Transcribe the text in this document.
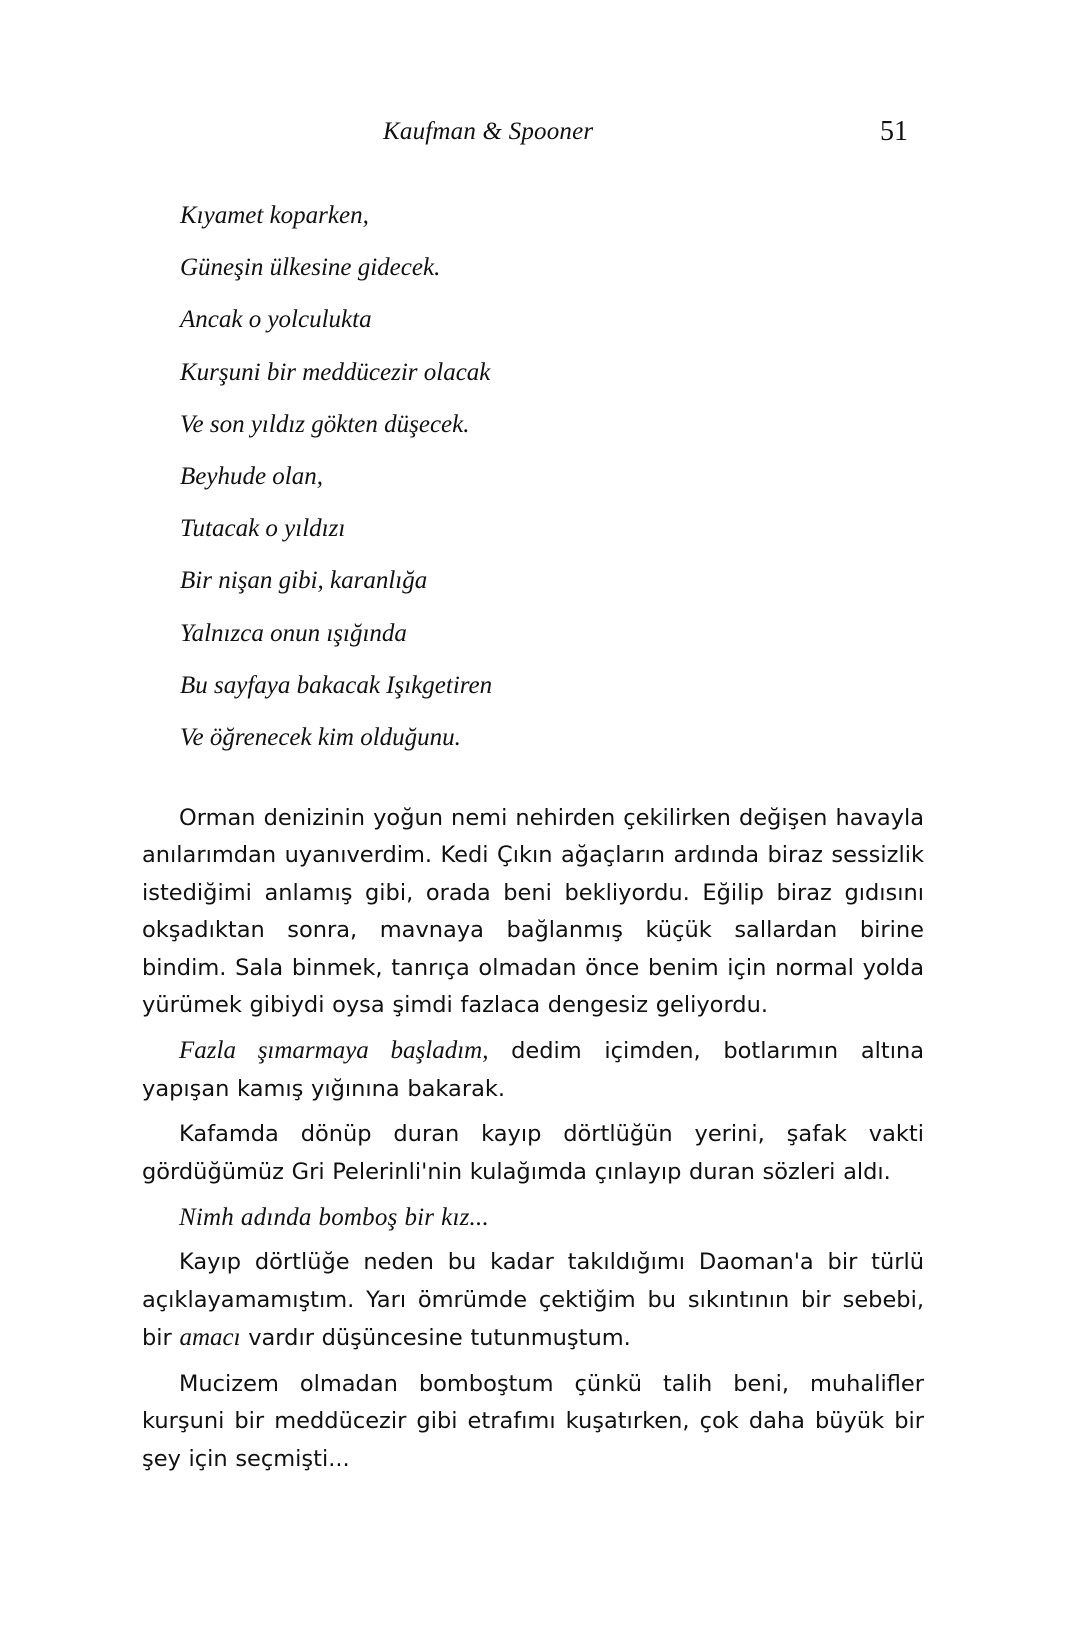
Kaufman & Spooner	51
Kıyamet koparken,
Güneşin ülkesine gidecek.
Ancak o yolculukta
Kurşuni bir meddücezir olacak
Ve son yıldız gökten düşecek.
Beyhude olan,
Tutacak o yıldızı
Bir nişan gibi, karanlığa
Yalnızca onun ışığında
Bu sayfaya bakacak Işıkgetiren
Ve öğrenecek kim olduğunu.

Orman denizinin yoğun nemi nehirden çekilirken değişen havayla anılarımdan uyanıverdim. Kedi Çıkın ağaçların ardında biraz sessizlik istediğimi anlamış gibi, orada beni bekliyordu. Eğilip biraz gıdısını okşadıktan sonra, mavnaya bağlanmış küçük sallardan birine bindim. Sala binmek, tanrıça olmadan önce benim için normal yolda yürümek gibiydi oysa şimdi fazlaca dengesiz geliyordu.

Fazla şımarmaya başladım, dedim içimden, botlarımın altına yapışan kamış yığınına bakarak.

Kafamda dönüp duran kayıp dörtlüğün yerini, şafak vakti gördüğümüz Gri Pelerinli'nin kulağımda çınlayıp duran sözleri aldı.

Nimh adında bomboş bir kız...

Kayıp dörtlüğe neden bu kadar takıldığımı Daoman'a bir türlü açıklayamamıştım. Yarı ömrümde çektiğim bu sıkıntının bir sebebi, bir amacı vardır düşüncesine tutunmuştum.

Mucizem olmadan bomboştum çünkü talih beni, muhalifler kurşuni bir meddücezir gibi etrafımı kuşatırken, çok daha büyük bir şey için seçmişti...
